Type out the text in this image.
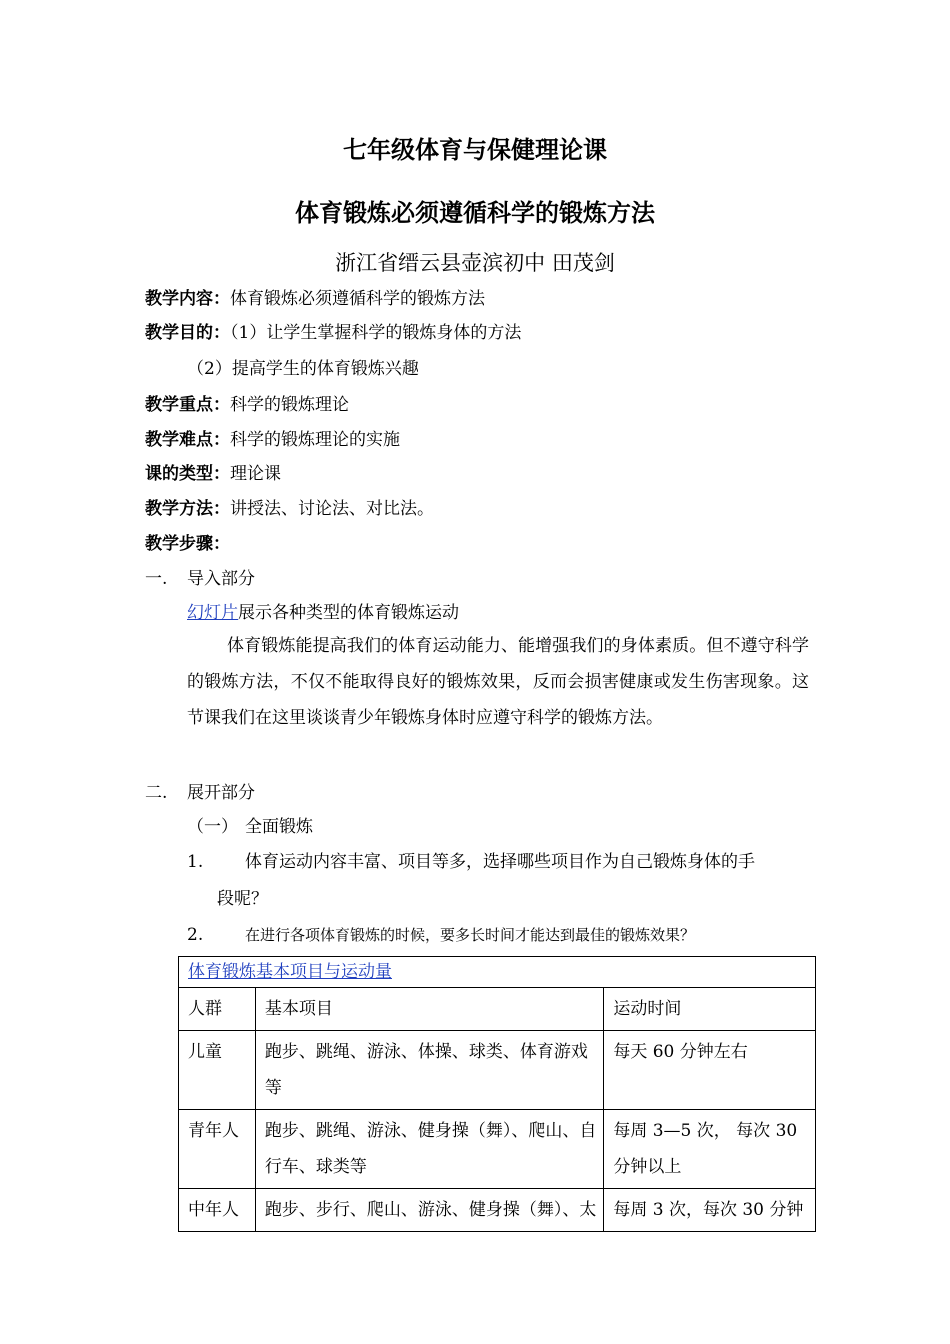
七年级体育与保健理论课
体育锻炼必须遵循科学的锻炼方法
浙江省缙云县壶滨初中 田茂剑
教学内容：体育锻炼必须遵循科学的锻炼方法
教学目的：（1）让学生掌握科学的锻炼身体的方法
（2）提高学生的体育锻炼兴趣
教学重点：科学的锻炼理论
教学难点：科学的锻炼理论的实施
课的类型：理论课
教学方法：讲授法、讨论法、对比法。
教学步骤：
一. 导入部分
幻灯片展示各种类型的体育锻炼运动
体育锻炼能提高我们的体育运动能力、能增强我们的身体素质。但不遵守科学的锻炼方法，不仅不能取得良好的锻炼效果，反而会损害健康或发生伤害现象。这节课我们在这里谈谈青少年锻炼身体时应遵守科学的锻炼方法。
二. 展开部分
（一） 全面锻炼
1. 体育运动内容丰富、项目等多，选择哪些项目作为自己锻炼身体的手
段呢？
2.	在进行各项体育锻炼的时候，要多长时间才能达到最佳的锻炼效果？
体育锻炼基本项目与运动量		
人群	基本项目	运动时间
儿童	跑步、跳绳、游泳、体操、球类、体育游戏等	每天 60 分钟左右
青年人	跑步、跳绳、游泳、健身操（舞）、爬山、自行车、球类等	每周 3—5 次， 每次 30 分钟以上
中年人	跑步、步行、爬山、游泳、健身操（舞）、太	每周 3 次，每次 30 分钟
